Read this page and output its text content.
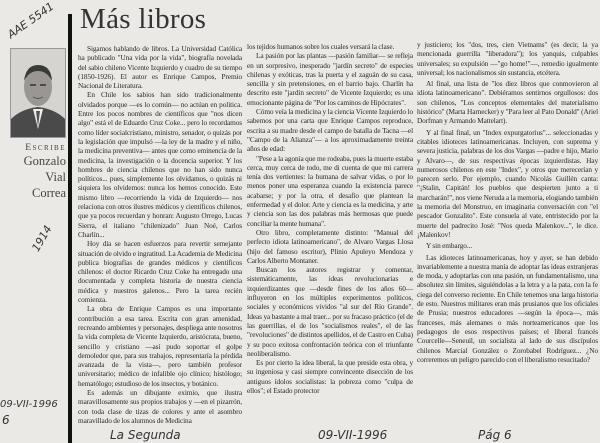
Más libros
Escribe
Gonzalo
Vial
Correa

Sigamos hablando de libros. La Universidad Católica ha publicado "Una vida por la vida", biografía novelada del sabio chileno Vicente Izquierdo y cuadro de su tiempo (1850-1926). El autor es Enrique Campos, Premio Nacional de Literatura.

En Chile los sabios han sido tradicionalmente olvidados porque —es lo común— no actúan en política. Entre los pocos nombres de científicos que "nos dicen algo" está el de Eduardo Cruz Coke... pero lo recordamos como líder socialcristiano, ministro, senador, o quizás por la legislación que impulsó —la ley de la madre y el niño, la medicina preventiva— antes que como eminencia de la medicina, la investigación o la docencia superior. Y los hombres de ciencia chilenos que no han sido nunca políticos... pues, simplemente los olvidamos, o quizás ni siquiera los olvidemos: nunca los hemos conocido. Este mismo libro —recorriendo la vida de Izquierdo— nos relaciona con otros ilustres médicos y científicos chilenos, que ya pocos recuerdan y honran: Augusto Orrego, Lucas Sierra, el italiano "chilenizado" Juan Noé, Carlos Charlín...

Hoy día se hacen esfuerzos para revertir semejante situación de olvido e ingratitud. La Academia de Medicina publica biografías de grandes médicos y científicos chilenos: el doctor Ricardo Cruz Coke ha entregado una documentada y completa historia de nuestra ciencia médica y nuestros galenos... Pero la tarea recién comienza.

La obra de Enrique Campos es una importante contribución a esa tarea. Escrita con gran amenidad, recreando ambientes y personajes, despliega ante nosotros la vida completa de Vicente Izquierdo, aristócrata, bueno, sencillo y cristiano —así pudo soportar el golpe demoledor que, para sus trabajos, representaría la pérdida avanzada de la vista—, pero también profesor universitario; médico de infalible ojo clínico; histólogo; hematólogo; estudioso de los insectos, y botánico.

Es además un dibujante eximio, que ilustra maravillosamente sus propios trabajos y —en el pizarrón, con toda clase de tizas de colores y ante el asombro maravillado de los alumnos de Medicina

los tejidos humanos sobre los cuales versará la clase.

La pasión por las plantas —pasión familiar— se refleja en un sorpresivo, inesperado "jardín secreto" de especies chilenas y exóticas, tras la puerta y el zaguán de su casa, sencilla y sin pretensiones, en el barrio bajo. Charlín ha descrito este "jardín secreto" de Vicente Izquierdo; es una emocionante página de "Por los caminos de Hipócrates".

Cómo veía la medicina y la ciencia Vicente Izquierdo lo sabemos por una carta que Enrique Campos reproduce, escrita a su madre desde el campo de batalla de Tacna —el "Campo de la Alianza"— a los aproximadamente treinta años de edad:

"Pese a la agonía que me rodeaba, pues la muerte estaba cerca, muy cerca de todo, me di cuenta de que mi carrera tenía dos vertientes: la humana de salvar vidas, o por lo menos poner una esperanza cuando la existencia parece acabarse; y por la otra, el desafío que plantean la enfermedad y el dolor. Arte y ciencia es la medicina, y arte y ciencia son las dos palabras más hermosas que puede conciliar la mente humana".

Otro libro, completamente distinto: "Manual del perfecto idiota latinoamericano", de Alvaro Vargas Llosa (hijo del famoso escritor), Plinio Apuleyo Mendoza y Carlos Alberto Montaner.

Buscan los autores registrar y comentar, sistemáticamente, las ideas revolucionarias e izquierdizantes que —desde fines de los años 60— influyeron en los múltiples experimentos políticos, sociales y económicos vividos "al sur del Río Grande". Ideas ya bastante a mal traer... por su fracaso práctico (el de las guerrillas, el de los "socialismos reales", el de las "revoluciones" de distintos apellidos, el de Castro en Cuba) y su poco exitosa confrontación teórica con el triunfante neoliberalismo.

Es por cierto la idea liberal, la que preside esta obra, y su ingeniosa y casi siempre convincente disección de los antiguos ídolos socialistas: la pobreza como "culpa de ellos"; el Estado protector

y justiciero; los "dos, tres, cien Vietnams" (es decir, la ya mencionada guerrilla "liberadora"); los yanquis, culpables universales; su expulsión —"go home!"—, remedio igualmente universal; los nacionalismos sin sustancia, etcétera.

Al final, una lista de "los diez libros que conmovieron al idiota latinoamericano". Debiéramos sentirnos orgullosos: dos son chilenos, "Los conceptos elementales del materialismo histórico" (Marta Harnecker) y "Para leer al Pato Donald" (Ariel Dorfman y Armando Mattelart).

Y al final final, un "Index expurgatorius"... seleccionadas y citables idioteces latinoamericanas. Incluyen, con suprema y severa justicia, palabras de los dos Vargas —padre e hijo, Mario y Alvaro—, de sus respectivas épocas izquierdistas. Hay numerosos chilenos en este "Index", y otros que merecerían y parecen serlo. Por ejemplo, cuando Nicolás Guillén canta: "¡Stalin, Capitán! los pueblos que despierten junto a ti marcharán!", nos viene Neruda a la memoria, elogiando también la memoria del Monstruo, en imaginaria conversación con "el pescador Gonzalito". Este consuela al vate, entristecido por la muerte del padrecito José: "Nos queda Malenkov...", le dice. ¡Malenkov!

Y sin embargo...

Las idioteces latinoamericanas, hoy y ayer, se han debido invariablemente a nuestra manía de adoptar las ideas extranjeras de moda, y adoptarlas con una pasión, un fundamentalismo, una absolutez sin límites, siguiéndolas a la letra y a la pata, con la fe ciega del converso reciente. En Chile tenemos una larga historia de esto. Nuestros militares eran más prusianos que los oficiales de Prusia; nuestros educadores —según la época—, más franceses, más alemanes o más norteamericanos que los pedagogos de esos respectivos países; el liberal francés Courcelle—Seneuil, un socialista al lado de sus discípulos chilenos Marcial González o Zorobabel Rodríguez... ¿No correremos un peligro parecido con el liberalismo resucitado?

AAE 5541
1914
09-VII-1996
6
La Segunda	09-VII-1996	Pág 6
